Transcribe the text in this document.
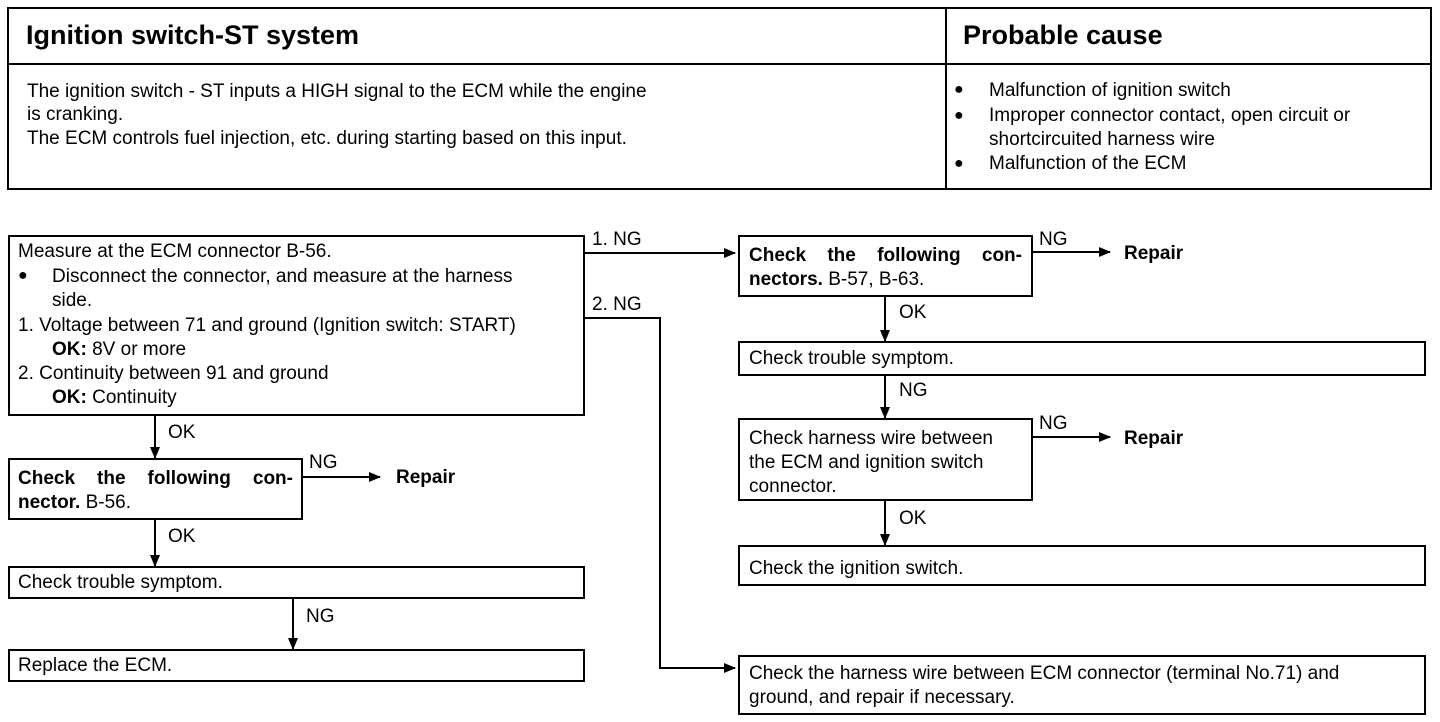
Ignition switch-ST system	Probable cause
The ignition switch - ST inputs a HIGH signal to the ECM while the engine
is cranking.
The ECM controls fuel injection, etc. during starting based on this input.
● Malfunction of ignition switch
● Improper connector contact, open circuit or
shortcircuited harness wire
● Malfunction of the ECM
Measure at the ECM connector B-56.
● Disconnect the connector, and measure at the harness
side.
1. Voltage between 71 and ground (Ignition switch: START)
OK: 8V or more
2. Continuity between 91 and ground
OK: Continuity
1. NG
2. NG
OK
Check the following con-
nector. B-56.
NG
Repair
OK
Check trouble symptom.
NG
Replace the ECM.
Check the following con-
nectors. B-57, B-63.
NG
Repair
OK
Check trouble symptom.
NG
Check harness wire between
the ECM and ignition switch
connector.
NG
Repair
OK
Check the ignition switch.
Check the harness wire between ECM connector (terminal No.71) and
ground, and repair if necessary.
